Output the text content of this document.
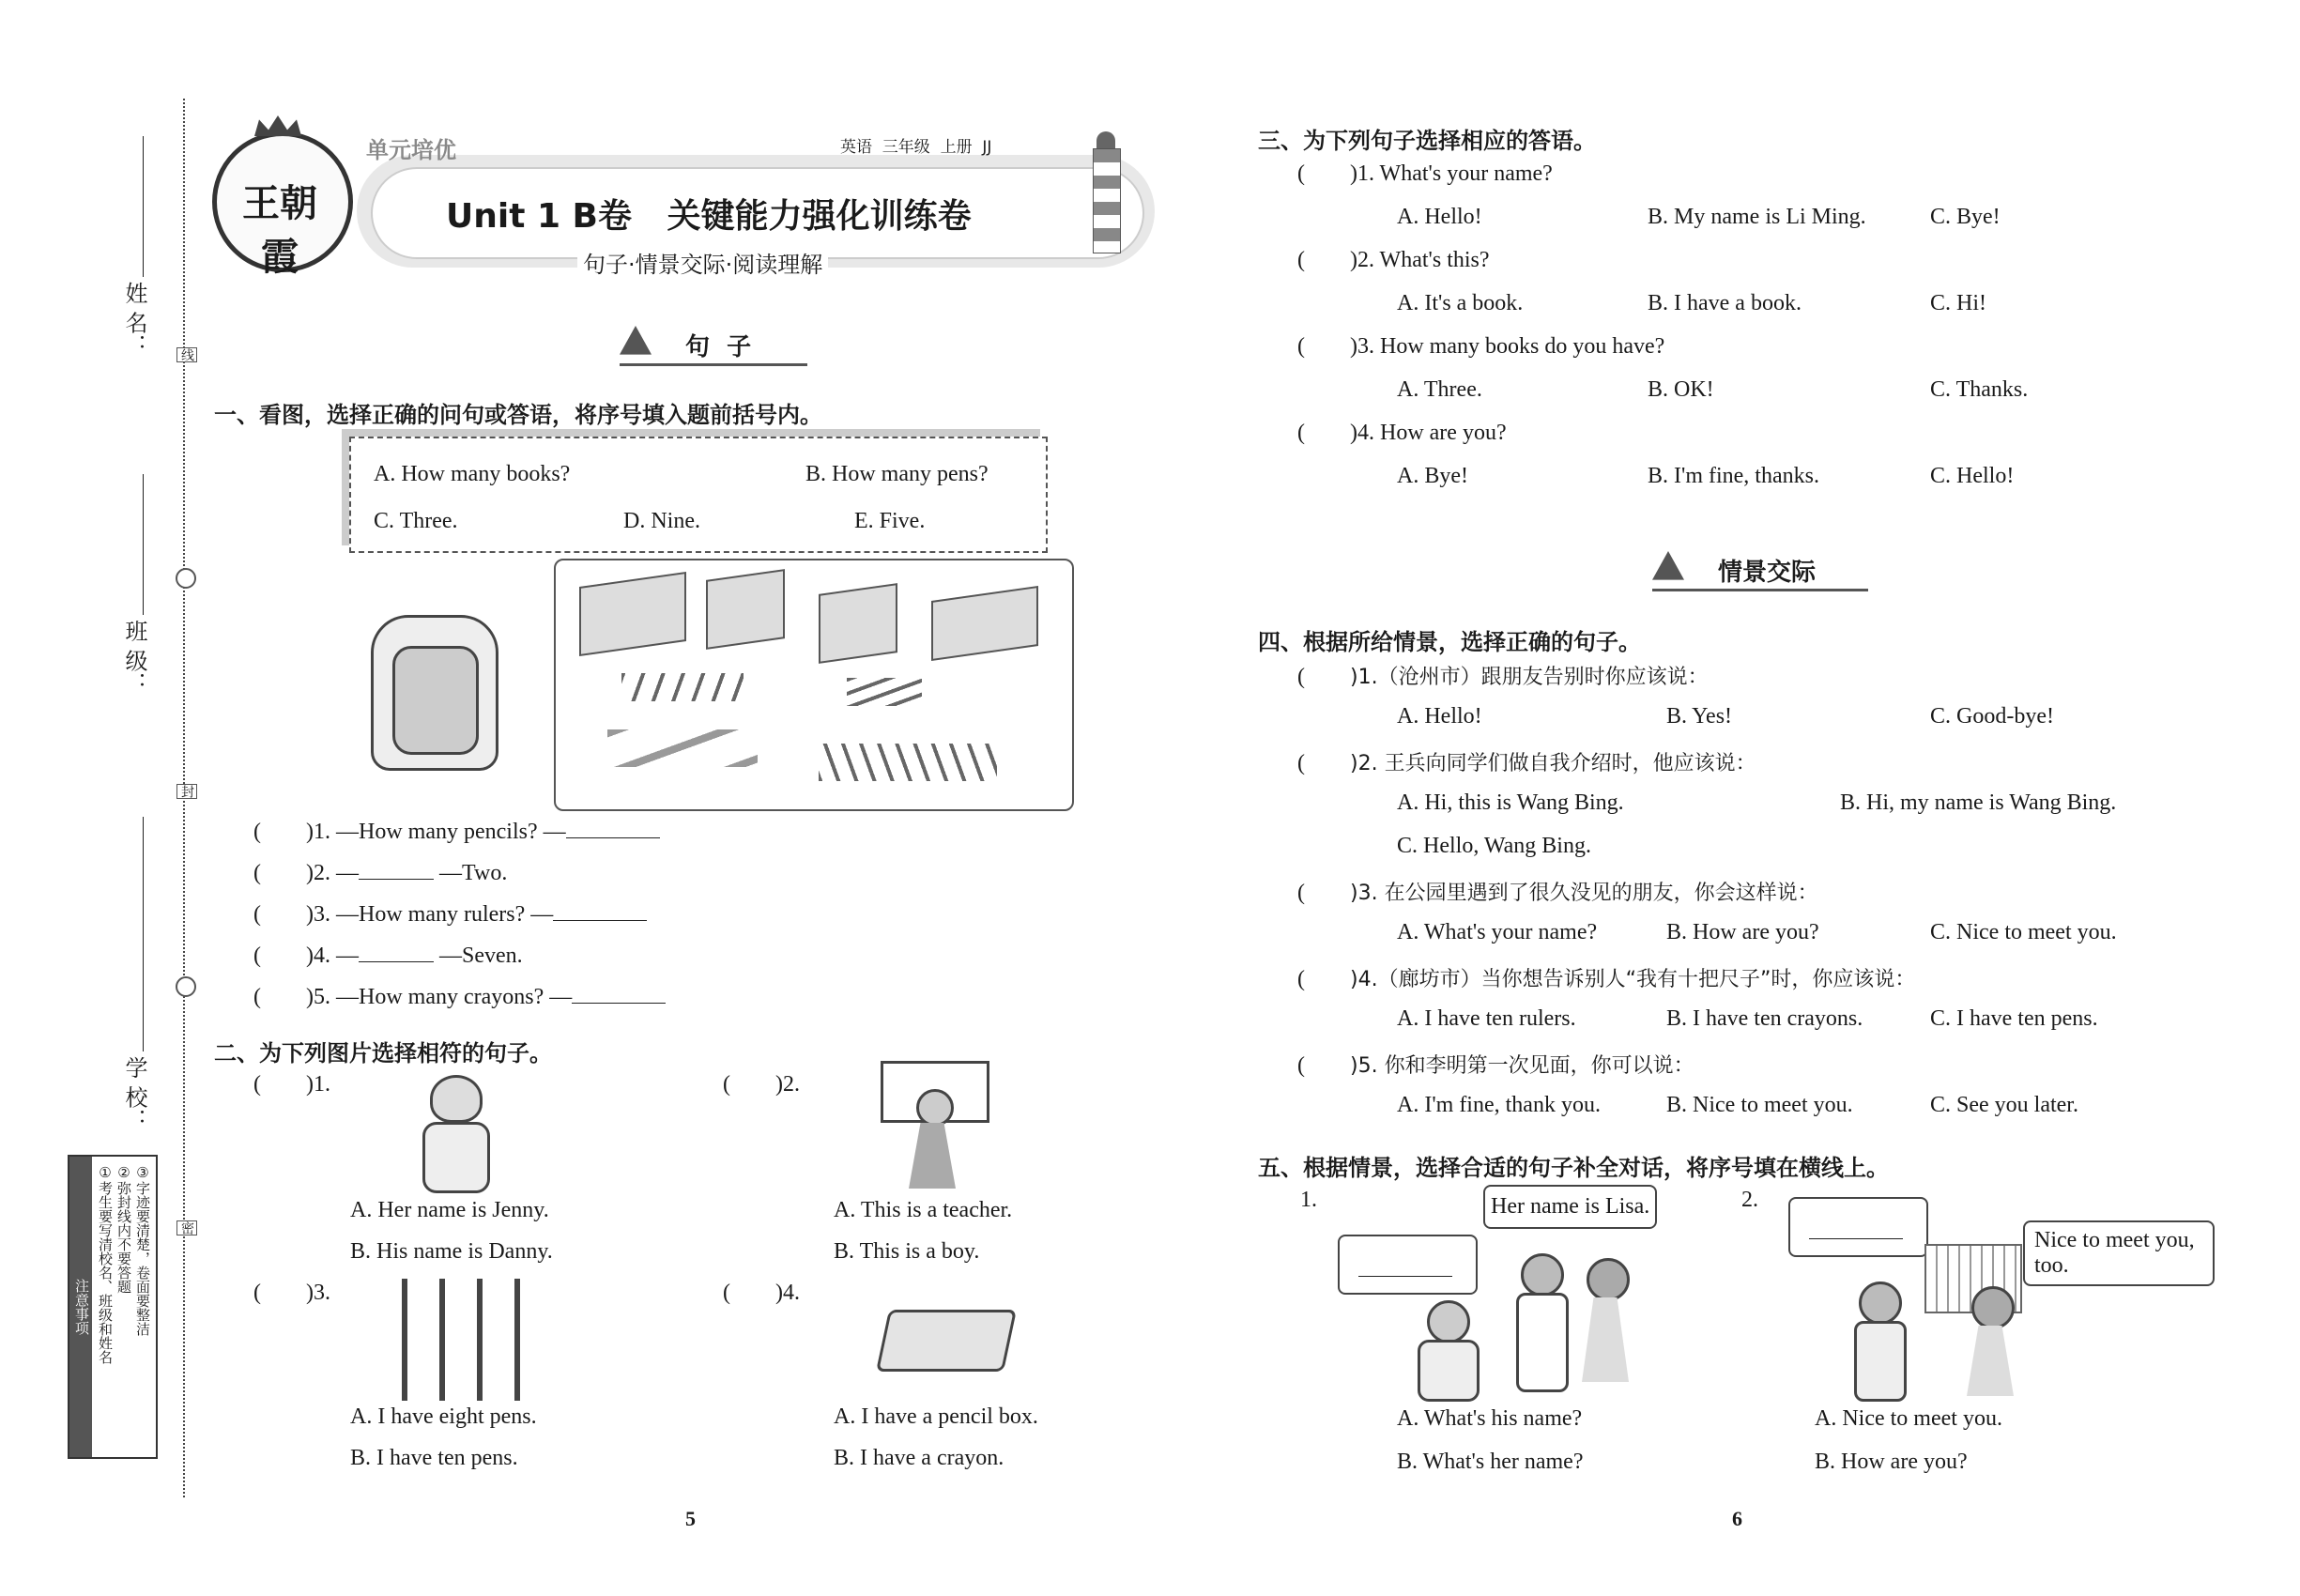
姓 名：
班 级：
学 校：
线
封
密
注意事项 ①考生要写清校名、班级和姓名 ②弥封线内不要答题 ③字迹要清楚，卷面要整洁
王朝霞
单元培优	英语  三年级  上册  JJ
Unit 1 B卷   关键能力强化训练卷
句子·情景交际·阅读理解
句  子
一、看图，选择正确的问句或答语，将序号填入题前括号内。
A. How many books?	B. How many pens?
C. Three.	D. Nine.	E. Five.
( )1. —How many pencils? —
( )2. —	—Two.
( )3. —How many rulers? —
( )4. —	—Seven.
( )5. —How many crayons? —
二、为下列图片选择相符的句子。
( )1.
A. Her name is Jenny.
B. His name is Danny.
( )2.
A. This is a teacher.
B. This is a boy.
( )3.
A. I have eight pens.
B. I have ten pens.
( )4.
A. I have a pencil box.
B. I have a crayon.
5
三、为下列句子选择相应的答语。
( )1. What's your name?
A. Hello!	B. My name is Li Ming.	C. Bye!
( )2. What's this?
A. It's a book.	B. I have a book.	C. Hi!
( )3. How many books do you have?
A. Three.	B. OK!	C. Thanks.
( )4. How are you?
A. Bye!	B. I'm fine, thanks.	C. Hello!
情景交际
四、根据所给情景，选择正确的句子。
( )1.（沧州市）跟朋友告别时你应该说：
A. Hello!	B. Yes!	C. Good-bye!
( )2. 王兵向同学们做自我介绍时，他应该说：
A. Hi, this is Wang Bing.	B. Hi, my name is Wang Bing.
C. Hello, Wang Bing.
( )3. 在公园里遇到了很久没见的朋友，你会这样说：
A. What's your name?	B. How are you?	C. Nice to meet you.
( )4.（廊坊市）当你想告诉别人“我有十把尺子”时，你应该说：
A. I have ten rulers.	B. I have ten crayons.	C. I have ten pens.
( )5. 你和李明第一次见面，你可以说：
A. I'm fine, thank you.	B. Nice to meet you.	C. See you later.
五、根据情景，选择合适的句子补全对话，将序号填在横线上。
1.	Her name is Lisa.
A. What's his name?
B. What's her name?
2.
Nice to meet you, too.
A. Nice to meet you.
B. How are you?
6
